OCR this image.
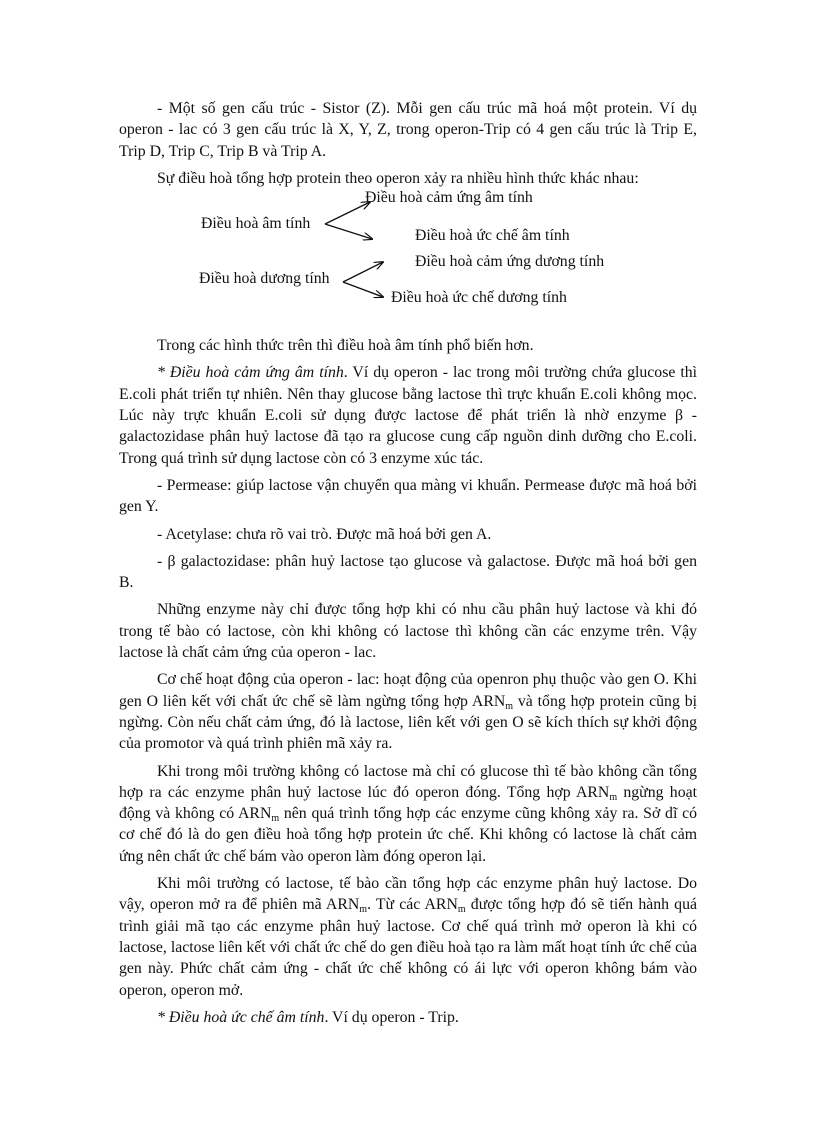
- Một số gen cấu trúc - Sistor (Z). Mỗi gen cấu trúc mã hoá một protein. Ví dụ operon - lac có 3 gen cấu trúc là X, Y, Z, trong operon-Trip có 4 gen cấu trúc là Trip E, Trip D, Trip C, Trip B và Trip A.

Sự điều hoà tổng hợp protein theo operon xảy ra nhiều hình thức khác nhau:

Điều hoà âm tính
Điều hoà cảm ứng âm tính
Điều hoà ức chế âm tính
Điều hoà dương tính
Điều hoà cảm ứng dương tính
Điều hoà ức chế dương tính

Trong các hình thức trên thì điều hoà âm tính phổ biến hơn.

* Điều hoà cảm ứng âm tính. Ví dụ operon - lac trong môi trường chứa glucose thì E.coli phát triển tự nhiên. Nên thay glucose bằng lactose thì trực khuẩn E.coli không mọc. Lúc này trực khuẩn E.coli sử dụng được lactose để phát triển là nhờ enzyme β - galactozidase phân huỷ lactose đã tạo ra glucose cung cấp nguồn dinh dưỡng cho E.coli. Trong quá trình sử dụng lactose còn có 3 enzyme xúc tác.

- Permease: giúp lactose vận chuyển qua màng vi khuẩn. Permease được mã hoá bởi gen Y.

- Acetylase: chưa rõ vai trò. Được mã hoá bởi gen A.

- β galactozidase: phân huỷ lactose tạo glucose và galactose. Được mã hoá bởi gen B.

Những enzyme này chỉ được tổng hợp khi có nhu cầu phân huỷ lactose và khi đó trong tế bào có lactose, còn khi không có lactose thì không cần các enzyme trên. Vậy lactose là chất cảm ứng của operon - lac.

Cơ chế hoạt động của operon - lac: hoạt động của openron phụ thuộc vào gen O. Khi gen O liên kết với chất ức chế sẽ làm ngừng tổng hợp $ARN_m$ và tổng hợp protein cũng bị ngừng. Còn nếu chất cảm ứng, đó là lactose, liên kết với gen O sẽ kích thích sự khởi động của promotor và quá trình phiên mã xảy ra.

Khi trong môi trường không có lactose mà chỉ có glucose thì tế bào không cần tổng hợp ra các enzyme phân huỷ lactose lúc đó operon đóng. Tổng hợp $ARN_m$ ngừng hoạt động và không có $ARN_m$ nên quá trình tổng hợp các enzyme cũng không xảy ra. Sở dĩ có cơ chế đó là do gen điều hoà tổng hợp protein ức chế. Khi không có lactose là chất cảm ứng nên chất ức chế bám vào operon làm đóng operon lại.

Khi môi trường có lactose, tế bào cần tổng hợp các enzyme phân huỷ lactose. Do vậy, operon mở ra để phiên mã $ARN_m$. Từ các $ARN_m$ được tổng hợp đó sẽ tiến hành quá trình giải mã tạo các enzyme phân huỷ lactose. Cơ chế quá trình mở operon là khi có lactose, lactose liên kết với chất ức chế do gen điều hoà tạo ra làm mất hoạt tính ức chế của gen này. Phức chất cảm ứng - chất ức chế không có ái lực với operon không bám vào operon, operon mở.

* Điều hoà ức chế âm tính. Ví dụ operon - Trip.
